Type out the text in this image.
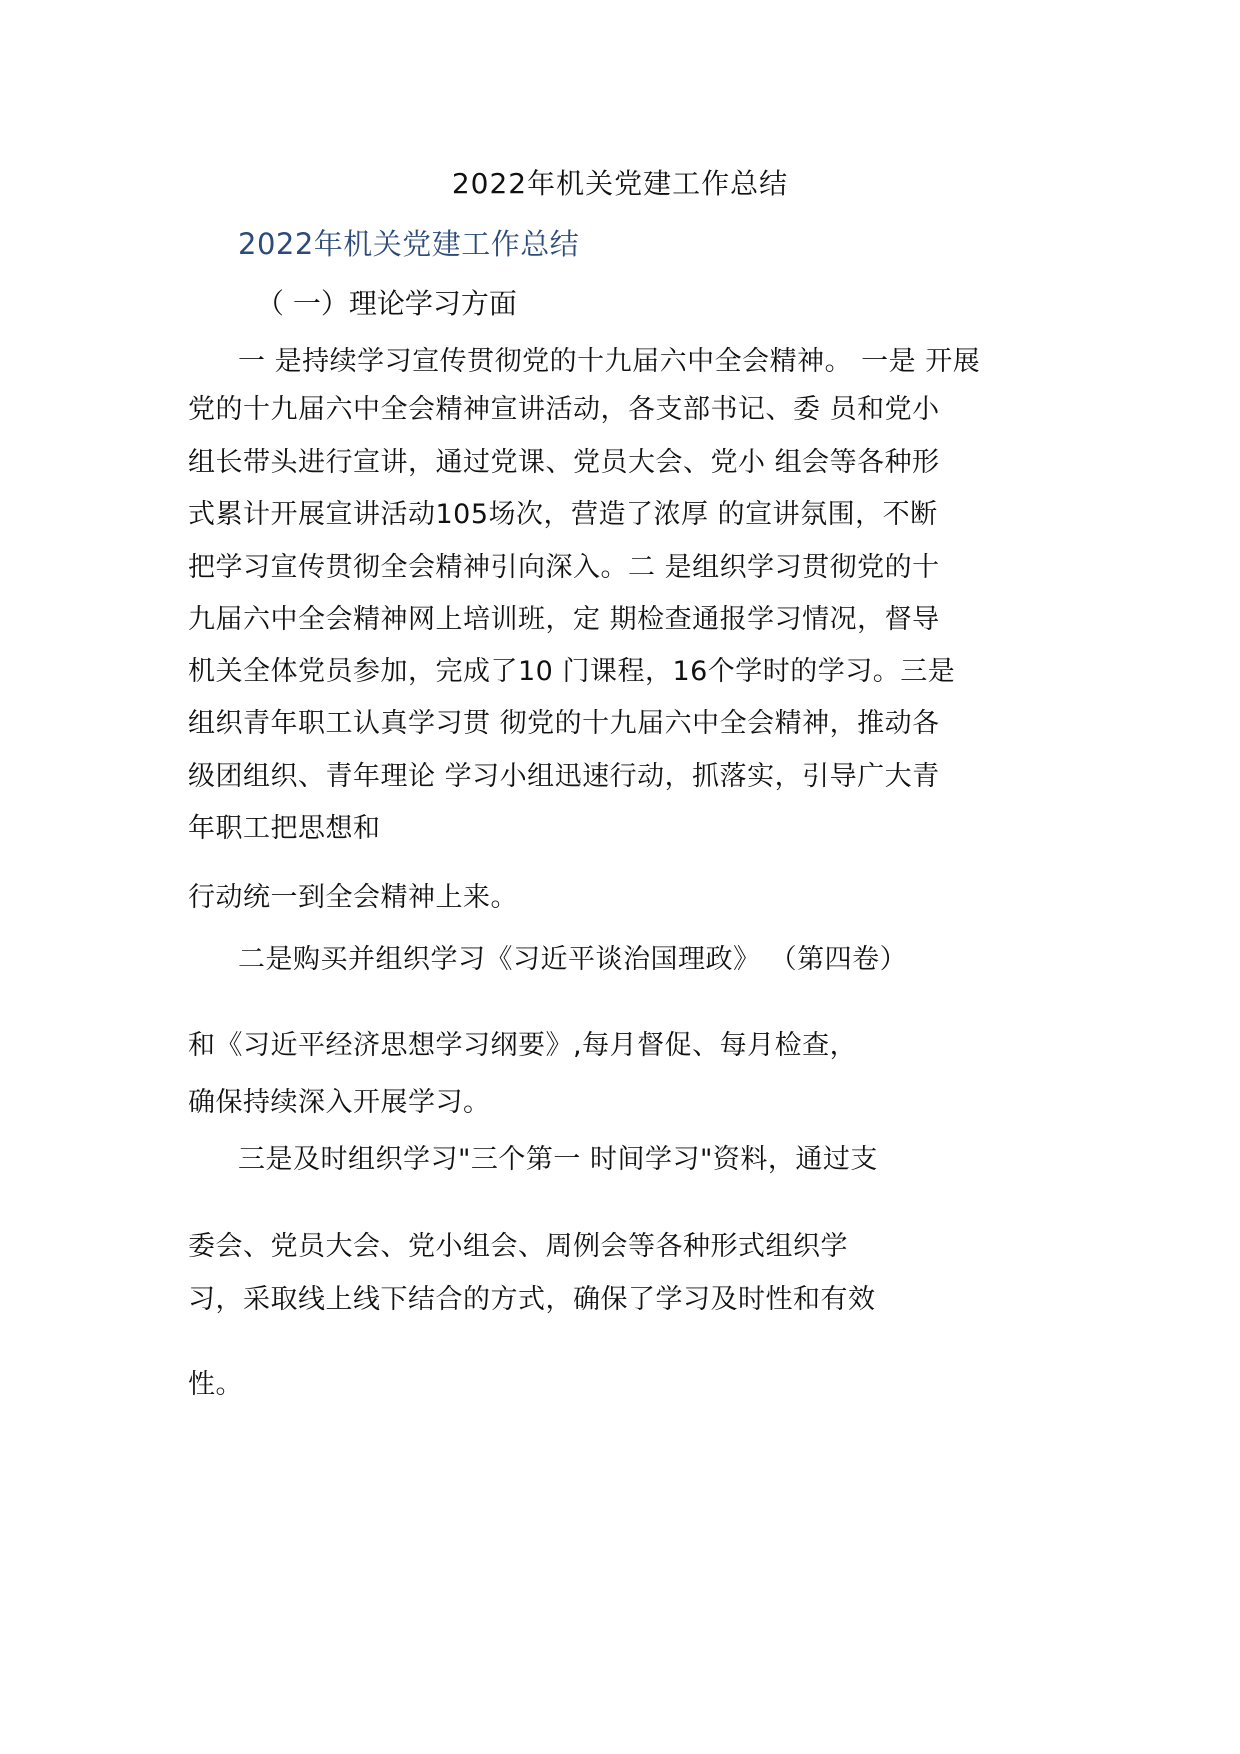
2022年机关党建工作总结
2022年机关党建工作总结
（ 一）理论学习方面
一 是持续学习宣传贯彻党的十九届六中全会精神。 一是 开展
党的十九届六中全会精神宣讲活动，各支部书记、委 员和党小
组长带头进行宣讲，通过党课、党员大会、党小 组会等各种形
式累计开展宣讲活动105场次，营造了浓厚 的宣讲氛围，不断
把学习宣传贯彻全会精神引向深入。二 是组织学习贯彻党的十
九届六中全会精神网上培训班，定 期检查通报学习情况，督导
机关全体党员参加，完成了10 门课程，16个学时的学习。三是
组织青年职工认真学习贯 彻党的十九届六中全会精神，推动各
级团组织、青年理论 学习小组迅速行动，抓落实，引导广大青
年职工把思想和
行动统一到全会精神上来。
二是购买并组织学习《习近平谈治国理政》 （第四卷）
和《习近平经济思想学习纲要》,每月督促、每月检查，
确保持续深入开展学习。
三是及时组织学习"三个第一 时间学习"资料，通过支
委会、党员大会、党小组会、周例会等各种形式组织学
习，采取线上线下结合的方式，确保了学习及时性和有效
性。
